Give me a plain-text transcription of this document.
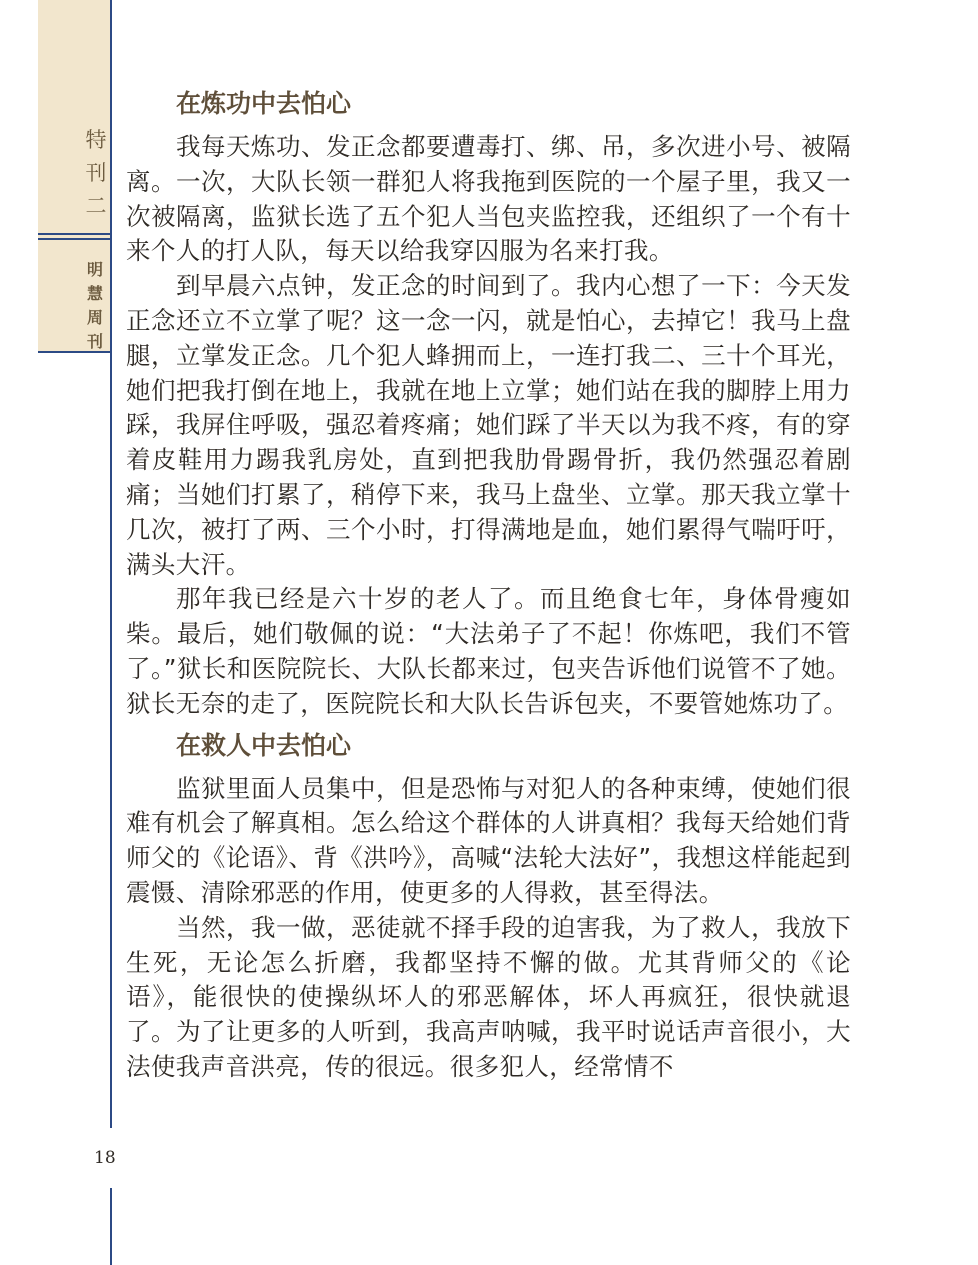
特
刊
二
明
慧
周
刊
18
在炼功中去怕心

我每天炼功、发正念都要遭毒打、绑、吊，多次进小号、被隔离。一次，大队长领一群犯人将我拖到医院的一个屋子里，我又一次被隔离，监狱长选了五个犯人当包夹监控我，还组织了一个有十来个人的打人队，每天以给我穿囚服为名来打我。

到早晨六点钟，发正念的时间到了。我内心想了一下：今天发正念还立不立掌了呢？这一念一闪，就是怕心，去掉它！我马上盘腿，立掌发正念。几个犯人蜂拥而上，一连打我二、三十个耳光，她们把我打倒在地上，我就在地上立掌；她们站在我的脚脖上用力踩，我屏住呼吸，强忍着疼痛；她们踩了半天以为我不疼，有的穿着皮鞋用力踢我乳房处，直到把我肋骨踢骨折，我仍然强忍着剧痛；当她们打累了，稍停下来，我马上盘坐、立掌。那天我立掌十几次，被打了两、三个小时，打得满地是血，她们累得气喘吁吁，满头大汗。

那年我已经是六十岁的老人了。而且绝食七年，身体骨瘦如柴。最后，她们敬佩的说：“大法弟子了不起！你炼吧，我们不管了。”狱长和医院院长、大队长都来过，包夹告诉他们说管不了她。狱长无奈的走了，医院院长和大队长告诉包夹，不要管她炼功了。

在救人中去怕心

监狱里面人员集中，但是恐怖与对犯人的各种束缚，使她们很难有机会了解真相。怎么给这个群体的人讲真相？我每天给她们背师父的《论语》、背《洪吟》，高喊“法轮大法好”，我想这样能起到震慑、清除邪恶的作用，使更多的人得救，甚至得法。

当然，我一做，恶徒就不择手段的迫害我，为了救人，我放下生死，无论怎么折磨，我都坚持不懈的做。尤其背师父的《论语》，能很快的使操纵坏人的邪恶解体，坏人再疯狂，很快就退了。为了让更多的人听到，我高声呐喊，我平时说话声音很小，大法使我声音洪亮，传的很远。很多犯人，经常情不
